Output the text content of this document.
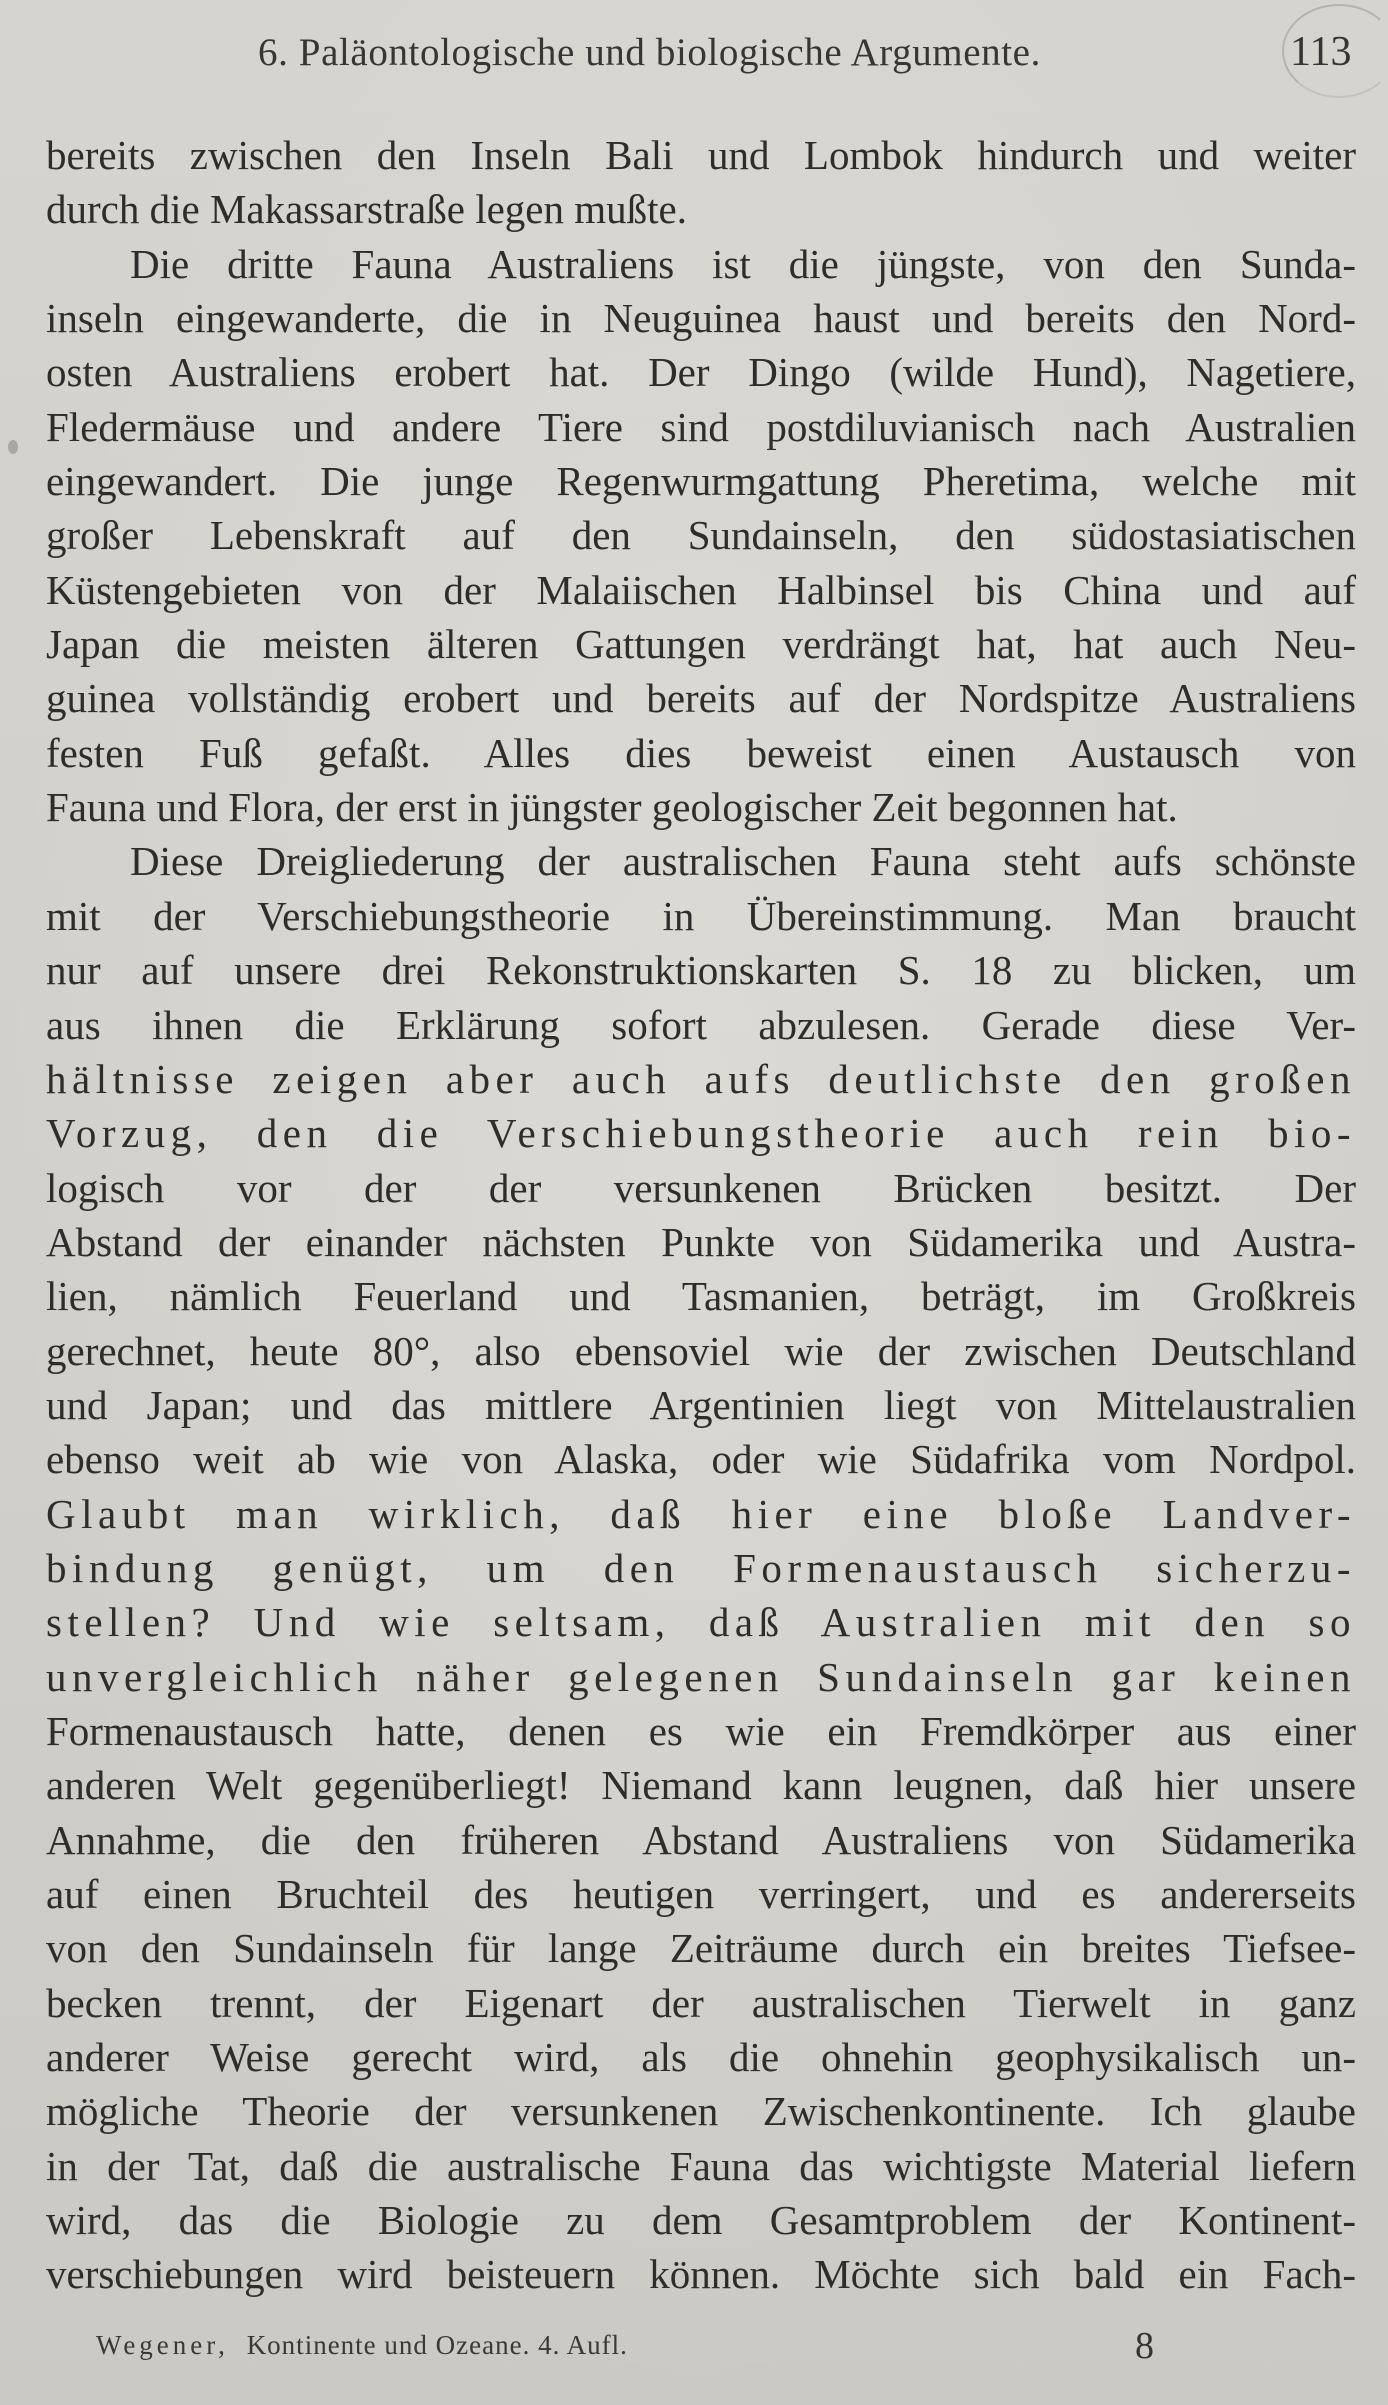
6. Paläontologische und biologische Argumente.	113
bereits zwischen den Inseln Bali und Lombok hindurch und weiter
durch die Makassarstraße legen mußte.
Die dritte Fauna Australiens ist die jüngste, von den Sunda-
inseln eingewanderte, die in Neuguinea haust und bereits den Nord-
osten Australiens erobert hat. Der Dingo (wilde Hund), Nagetiere,
Fledermäuse und andere Tiere sind postdiluvianisch nach Australien
eingewandert. Die junge Regenwurmgattung Pheretima, welche mit
großer Lebenskraft auf den Sundainseln, den südostasiatischen
Küstengebieten von der Malaiischen Halbinsel bis China und auf
Japan die meisten älteren Gattungen verdrängt hat, hat auch Neu-
guinea vollständig erobert und bereits auf der Nordspitze Australiens
festen Fuß gefaßt. Alles dies beweist einen Austausch von
Fauna und Flora, der erst in jüngster geologischer Zeit begonnen hat.
Diese Dreigliederung der australischen Fauna steht aufs schönste
mit der Verschiebungstheorie in Übereinstimmung. Man braucht
nur auf unsere drei Rekonstruktionskarten S. 18 zu blicken, um
aus ihnen die Erklärung sofort abzulesen. Gerade diese Ver-
hältnisse zeigen aber auch aufs deutlichste den großen
Vorzug, den die Verschiebungstheorie auch rein bio-
logisch vor der der versunkenen Brücken besitzt. Der
Abstand der einander nächsten Punkte von Südamerika und Austra-
lien, nämlich Feuerland und Tasmanien, beträgt, im Großkreis
gerechnet, heute 80°, also ebensoviel wie der zwischen Deutschland
und Japan; und das mittlere Argentinien liegt von Mittelaustralien
ebenso weit ab wie von Alaska, oder wie Südafrika vom Nordpol.
Glaubt man wirklich, daß hier eine bloße Landver-
bindung genügt, um den Formenaustausch sicherzu-
stellen? Und wie seltsam, daß Australien mit den so
unvergleichlich näher gelegenen Sundainseln gar keinen
Formenaustausch hatte, denen es wie ein Fremdkörper aus einer
anderen Welt gegenüberliegt! Niemand kann leugnen, daß hier unsere
Annahme, die den früheren Abstand Australiens von Südamerika
auf einen Bruchteil des heutigen verringert, und es andererseits
von den Sundainseln für lange Zeiträume durch ein breites Tiefsee-
becken trennt, der Eigenart der australischen Tierwelt in ganz
anderer Weise gerecht wird, als die ohnehin geophysikalisch un-
mögliche Theorie der versunkenen Zwischenkontinente. Ich glaube
in der Tat, daß die australische Fauna das wichtigste Material liefern
wird, das die Biologie zu dem Gesamtproblem der Kontinent-
verschiebungen wird beisteuern können. Möchte sich bald ein Fach-
Wegener, Kontinente und Ozeane. 4. Aufl.	8
